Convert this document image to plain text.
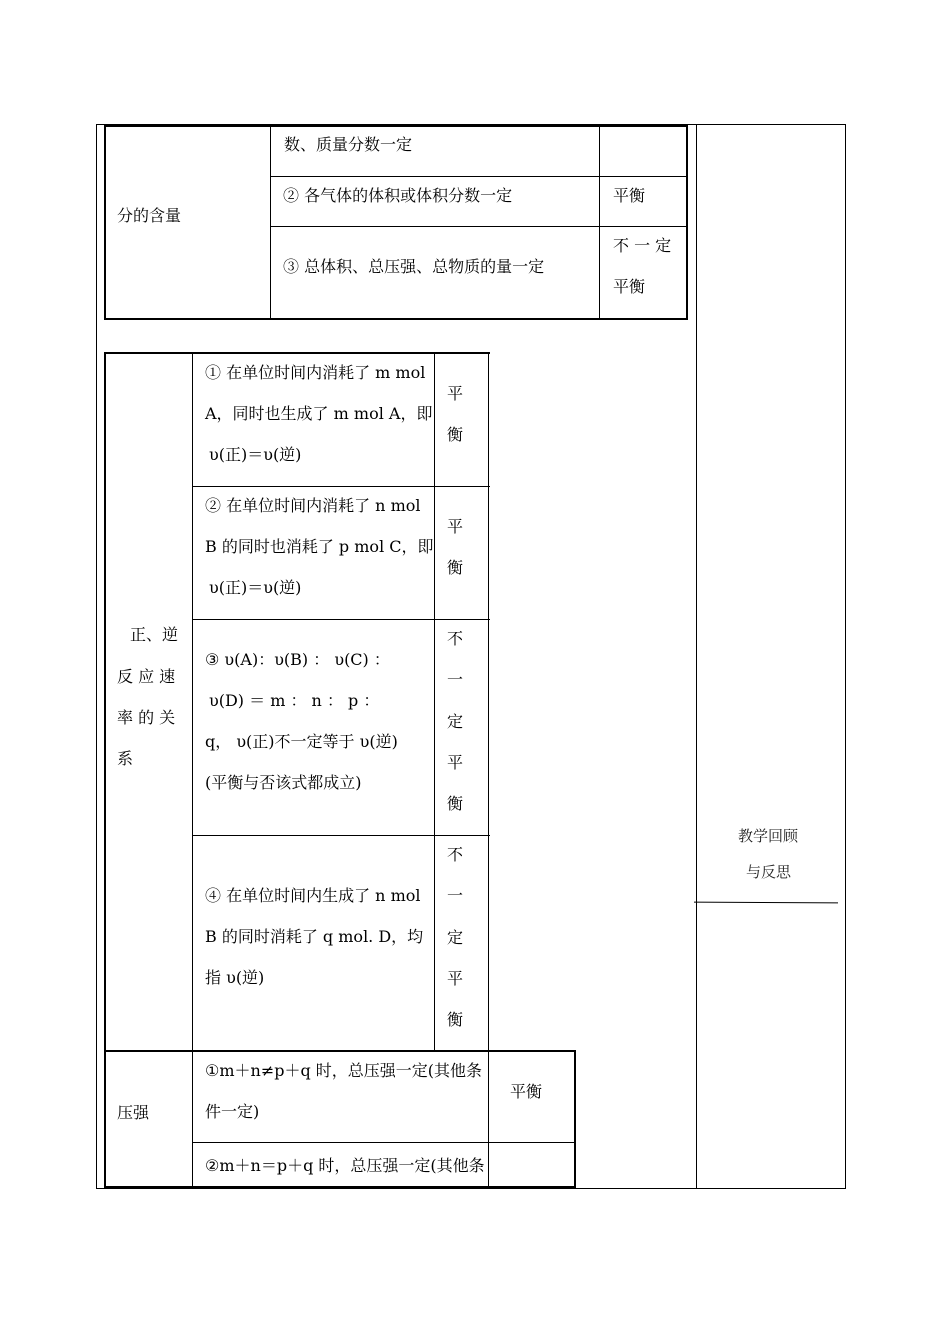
教学回顾
与反思
分的含量
数、质量分数一定
② 各气体的体积或体积分数一定	平衡
③ 总体积、总压强、总物质的量一定
不 一 定
平衡
正、逆
反 应 速
率 的 关
系
① 在单位时间内消耗了 m mol
A，同时也生成了 m mol A，即
υ(正)＝υ(逆)
平
衡
② 在单位时间内消耗了 n mol
B 的同时也消耗了 p mol C，即
υ(正)＝υ(逆)
平
衡
③ υ(A)：υ(B) ： υ(C) ：
υ(D) ＝ m ： n ： p ：
q， υ(正)不一定等于 υ(逆)
(平衡与否该式都成立)
不
一
定
平
衡
④ 在单位时间内生成了 n mol
B 的同时消耗了 q mol. D，均
指 υ(逆)
不
一
定
平
衡
压强
①m＋n≠p＋q 时，总压强一定(其他条
件一定)
平衡
②m＋n＝p＋q 时，总压强一定(其他条
